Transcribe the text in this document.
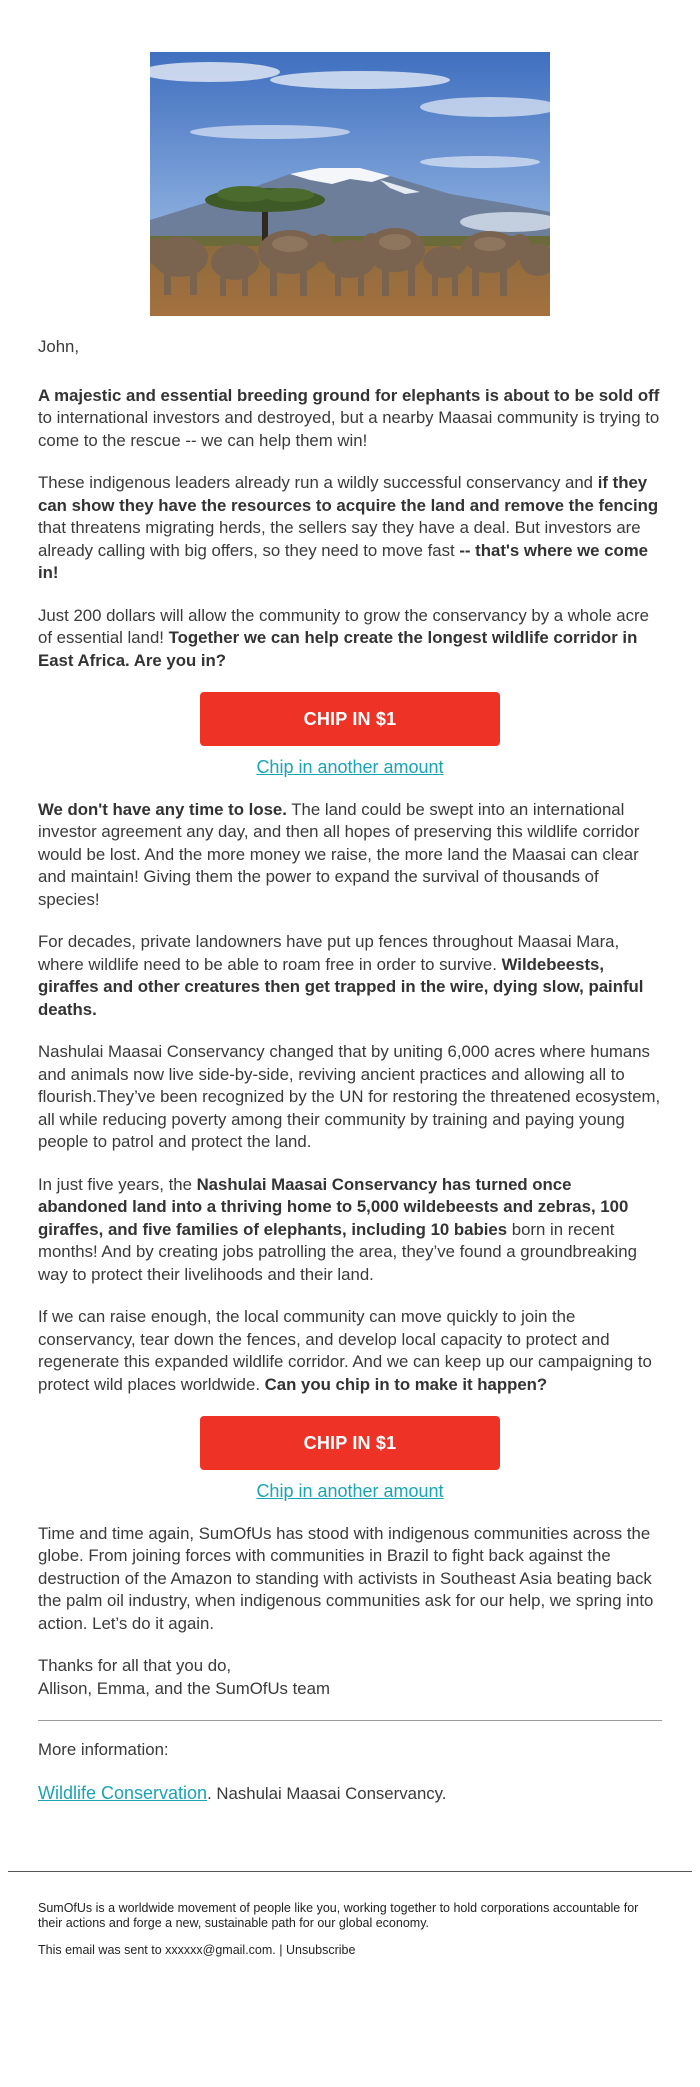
John,

A majestic and essential breeding ground for elephants is about to be sold off to international investors and destroyed, but a nearby Maasai community is trying to come to the rescue -- we can help them win!

These indigenous leaders already run a wildly successful conservancy and if they can show they have the resources to acquire the land and remove the fencing that threatens migrating herds, the sellers say they have a deal. But investors are already calling with big offers, so they need to move fast -- that's where we come in!

Just 200 dollars will allow the community to grow the conservancy by a whole acre of essential land! Together we can help create the longest wildlife corridor in East Africa. Are you in?

CHIP IN $1

Chip in another amount

We don't have any time to lose. The land could be swept into an international investor agreement any day, and then all hopes of preserving this wildlife corridor would be lost. And the more money we raise, the more land the Maasai can clear and maintain! Giving them the power to expand the survival of thousands of species!

For decades, private landowners have put up fences throughout Maasai Mara, where wildlife need to be able to roam free in order to survive. Wildebeests, giraffes and other creatures then get trapped in the wire, dying slow, painful deaths.

Nashulai Maasai Conservancy changed that by uniting 6,000 acres where humans and animals now live side-by-side, reviving ancient practices and allowing all to flourish.They’ve been recognized by the UN for restoring the threatened ecosystem, all while reducing poverty among their community by training and paying young people to patrol and protect the land.

In just five years, the Nashulai Maasai Conservancy has turned once abandoned land into a thriving home to 5,000 wildebeests and zebras, 100 giraffes, and five families of elephants, including 10 babies born in recent months! And by creating jobs patrolling the area, they’ve found a groundbreaking way to protect their livelihoods and their land.

If we can raise enough, the local community can move quickly to join the conservancy, tear down the fences, and develop local capacity to protect and regenerate this expanded wildlife corridor. And we can keep up our campaigning to protect wild places worldwide. Can you chip in to make it happen?

CHIP IN $1

Chip in another amount

Time and time again, SumOfUs has stood with indigenous communities across the globe. From joining forces with communities in Brazil to fight back against the destruction of the Amazon to standing with activists in Southeast Asia beating back the palm oil industry, when indigenous communities ask for our help, we spring into action. Let’s do it again.

Thanks for all that you do,
Allison, Emma, and the SumOfUs team

More information:

Wildlife Conservation. Nashulai Maasai Conservancy.

SumOfUs is a worldwide movement of people like you, working together to hold corporations accountable for their actions and forge a new, sustainable path for our global economy.

This email was sent to xxxxxx@gmail.com. | Unsubscribe
